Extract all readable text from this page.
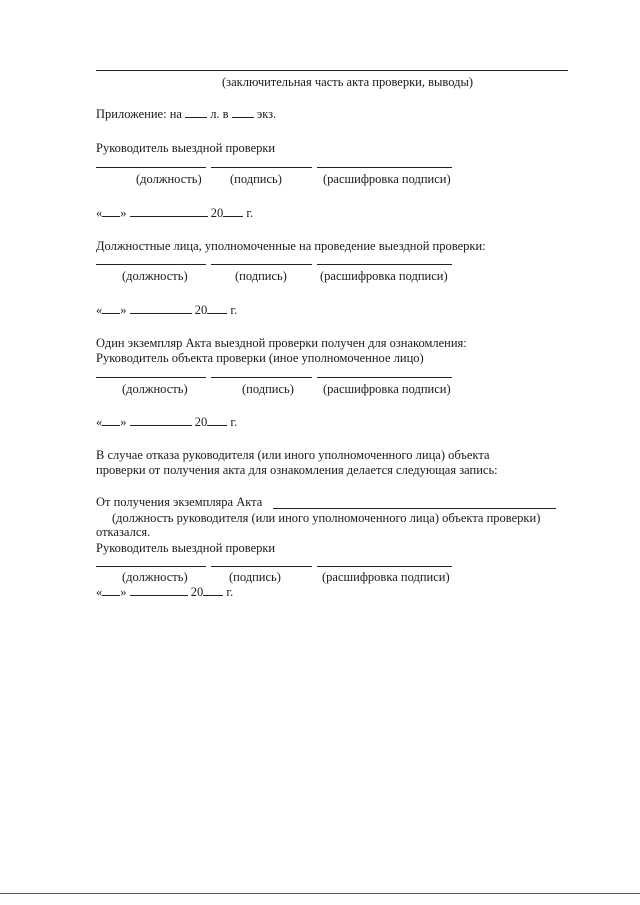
(заключительная часть акта проверки, выводы)
Приложение: на л. в экз.
Руководитель выездной проверки
(должность) (подпись)	(расшифровка подписи)
« »	20 г.
Должностные лица, уполномоченные на проведение выездной проверки:
(должность)	(подпись)	(расшифровка подписи)
« »	20 г.
Один экземпляр Акта выездной проверки получен для ознакомления:
Руководитель объекта проверки (иное уполномоченное лицо)
(должность)	(подпись) (расшифровка подписи)
« »	20 г.
В случае отказа руководителя (или иного уполномоченного лица) объекта
проверки от получения акта для ознакомления делается следующая запись:
От получения экземпляра Акта
(должность руководителя (или иного уполномоченного лица) объекта проверки)
отказался.
Руководитель выездной проверки
(должность)	(подпись)	(расшифровка подписи)
« »	20 г.
